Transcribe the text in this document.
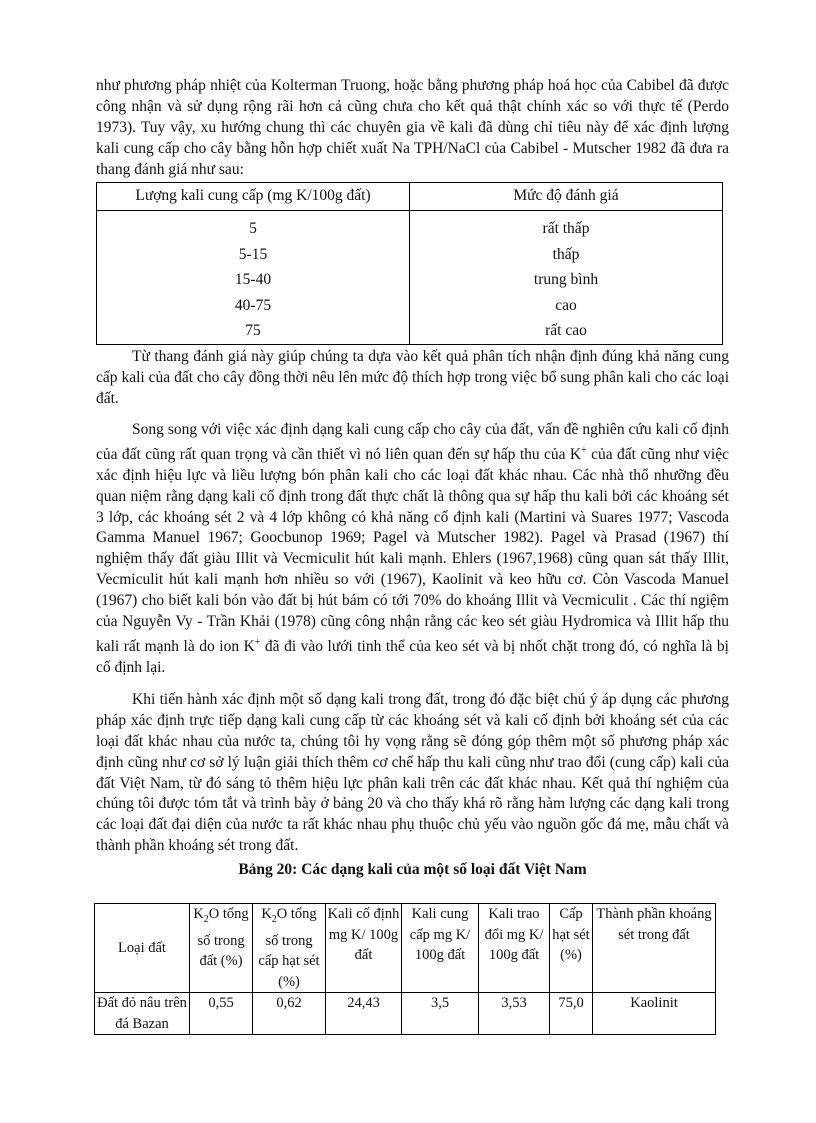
như phương pháp nhiệt của Kolterman Truong, hoặc bằng phương pháp hoá học của Cabibel đã được công nhận và sử dụng rộng rãi hơn cả cũng chưa cho kết quả thật chính xác so với thực tế (Perdo 1973). Tuy vậy, xu hướng chung thì các chuyên gia về kali đã dùng chỉ tiêu này để xác định lượng kali cung cấp cho cây bằng hỗn hợp chiết xuất Na TPH/NaCl của Cabibel - Mutscher 1982 đã đưa ra thang đánh giá như sau:

Lượng kali cung cấp (mg K/100g đất)	Mức độ đánh giá
5	rất thấp
5-15	thấp
15-40	trung bình
40-75	cao
75	rất cao

Từ thang đánh giá này giúp chúng ta dựa vào kết quả phân tích nhận định đúng khả năng cung cấp kali của đất cho cây đồng thời nêu lên mức độ thích hợp trong việc bổ sung phân kali cho các loại đất.

Song song với việc xác định dạng kali cung cấp cho cây của đất, vấn đề nghiên cứu kali cố định của đất cũng rất quan trọng và cần thiết vì nó liên quan đến sự hấp thu của K+ của đất cũng như việc xác định hiệu lực và liều lượng bón phân kali cho các loại đất khác nhau. Các nhà thổ nhưỡng đều quan niệm rằng dạng kali cố định trong đất thực chất là thông qua sự hấp thu kali bởi các khoáng sét 3 lớp, các khoáng sét 2 và 4 lớp không có khả năng cố định kali (Martini và Suares 1977; Vascoda Gamma Manuel 1967; Goocbunop 1969; Pagel và Mutscher 1982). Pagel và Prasad (1967) thí nghiệm thấy đất giàu Illit và Vecmiculit hút kali mạnh. Ehlers (1967,1968) cũng quan sát thấy Illit, Vecmiculit hút kali mạnh hơn nhiều so với (1967), Kaolinit và keo hữu cơ. Còn Vascoda Manuel (1967) cho biết kali bón vào đất bị hút bám có tới 70% do khoáng Illit và Vecmiculit . Các thí ngiệm của Nguyễn Vy - Trần Khải (1978) cũng công nhận rằng các keo sét giàu Hydromica và Illit hấp thu kali rất mạnh là do ion K+ đã đi vào lưới tinh thể của keo sét và bị nhốt chặt trong đó, có nghĩa là bị cố định lại.

Khi tiến hành xác định một số dạng kali trong đất, trong đó đặc biệt chú ý áp dụng các phương pháp xác định trực tiếp dạng kali cung cấp từ các khoáng sét và kali cố định bởi khoáng sét của các loại đất khác nhau của nước ta, chúng tôi hy vọng rằng sẽ đóng góp thêm một số phương pháp xác định cũng như cơ sở lý luận giải thích thêm cơ chế hấp thu kali cũng như trao đổi (cung cấp) kali của đất Việt Nam, từ đó sáng tỏ thêm hiệu lực phân kali trên các đất khác nhau. Kết quả thí nghiệm của chúng tôi được tóm tắt và trình bày ở bảng 20 và cho thấy khá rõ rằng hàm lượng các dạng kali trong các loại đất đại diện của nước ta rất khác nhau phụ thuộc chủ yếu vào nguồn gốc đá mẹ, mẫu chất và thành phần khoáng sét trong đất.

Bảng 20: Các dạng kali của một số loại đất Việt Nam
Loại đất	$K_2O$ tổng số trong đất (%)	$K_2O$ tổng số trong cấp hạt sét (%)	Kali cố định mg K/ 100g đất	Kali cung cấp mg K/ 100g đất	Kali trao đổi mg K/ 100g đất	Cấp hạt sét (%)	Thành phần khoáng sét trong đất
Đất đỏ nâu trên đá Bazan	0,55	0,62	24,43	3,5	3,53	75,0	Kaolinit
